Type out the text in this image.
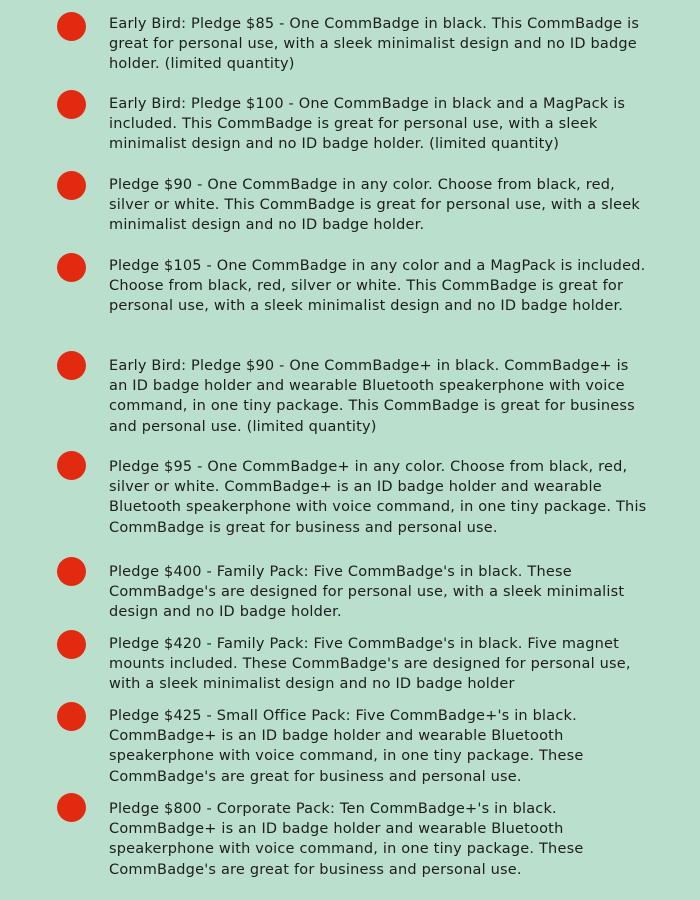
Early Bird: Pledge $85 - One CommBadge in black. This CommBadge is great for personal use, with a sleek minimalist design and no ID badge holder. (limited quantity)

Early Bird: Pledge $100 - One CommBadge in black and a MagPack is included. This CommBadge is great for personal use, with a sleek minimalist design and no ID badge holder. (limited quantity)

Pledge $90 - One CommBadge in any color. Choose from black, red, silver or white. This CommBadge is great for personal use, with a sleek minimalist design and no ID badge holder.

Pledge $105 - One CommBadge in any color and a MagPack is included. Choose from black, red, silver or white. This CommBadge is great for personal use, with a sleek minimalist design and no ID badge holder.

Early Bird: Pledge $90 - One CommBadge+ in black. CommBadge+ is an ID badge holder and wearable Bluetooth speakerphone with voice command, in one tiny package. This CommBadge is great for business and personal use. (limited quantity)

Pledge $95 - One CommBadge+ in any color. Choose from black, red, silver or white. CommBadge+ is an ID badge holder and wearable Bluetooth speakerphone with voice command, in one tiny package. This CommBadge is great for business and personal use.

Pledge $400 - Family Pack: Five CommBadge's in black. These CommBadge's are designed for personal use, with a sleek minimalist design and no ID badge holder.

Pledge $420 - Family Pack: Five CommBadge's in black. Five magnet mounts included. These CommBadge's are designed for personal use, with a sleek minimalist design and no ID badge holder

Pledge $425 - Small Office Pack: Five CommBadge+'s in black. CommBadge+ is an ID badge holder and wearable Bluetooth speakerphone with voice command, in one tiny package. These CommBadge's are great for business and personal use.

Pledge $800 - Corporate Pack: Ten CommBadge+'s in black. CommBadge+ is an ID badge holder and wearable Bluetooth speakerphone with voice command, in one tiny package. These CommBadge's are great for business and personal use.
